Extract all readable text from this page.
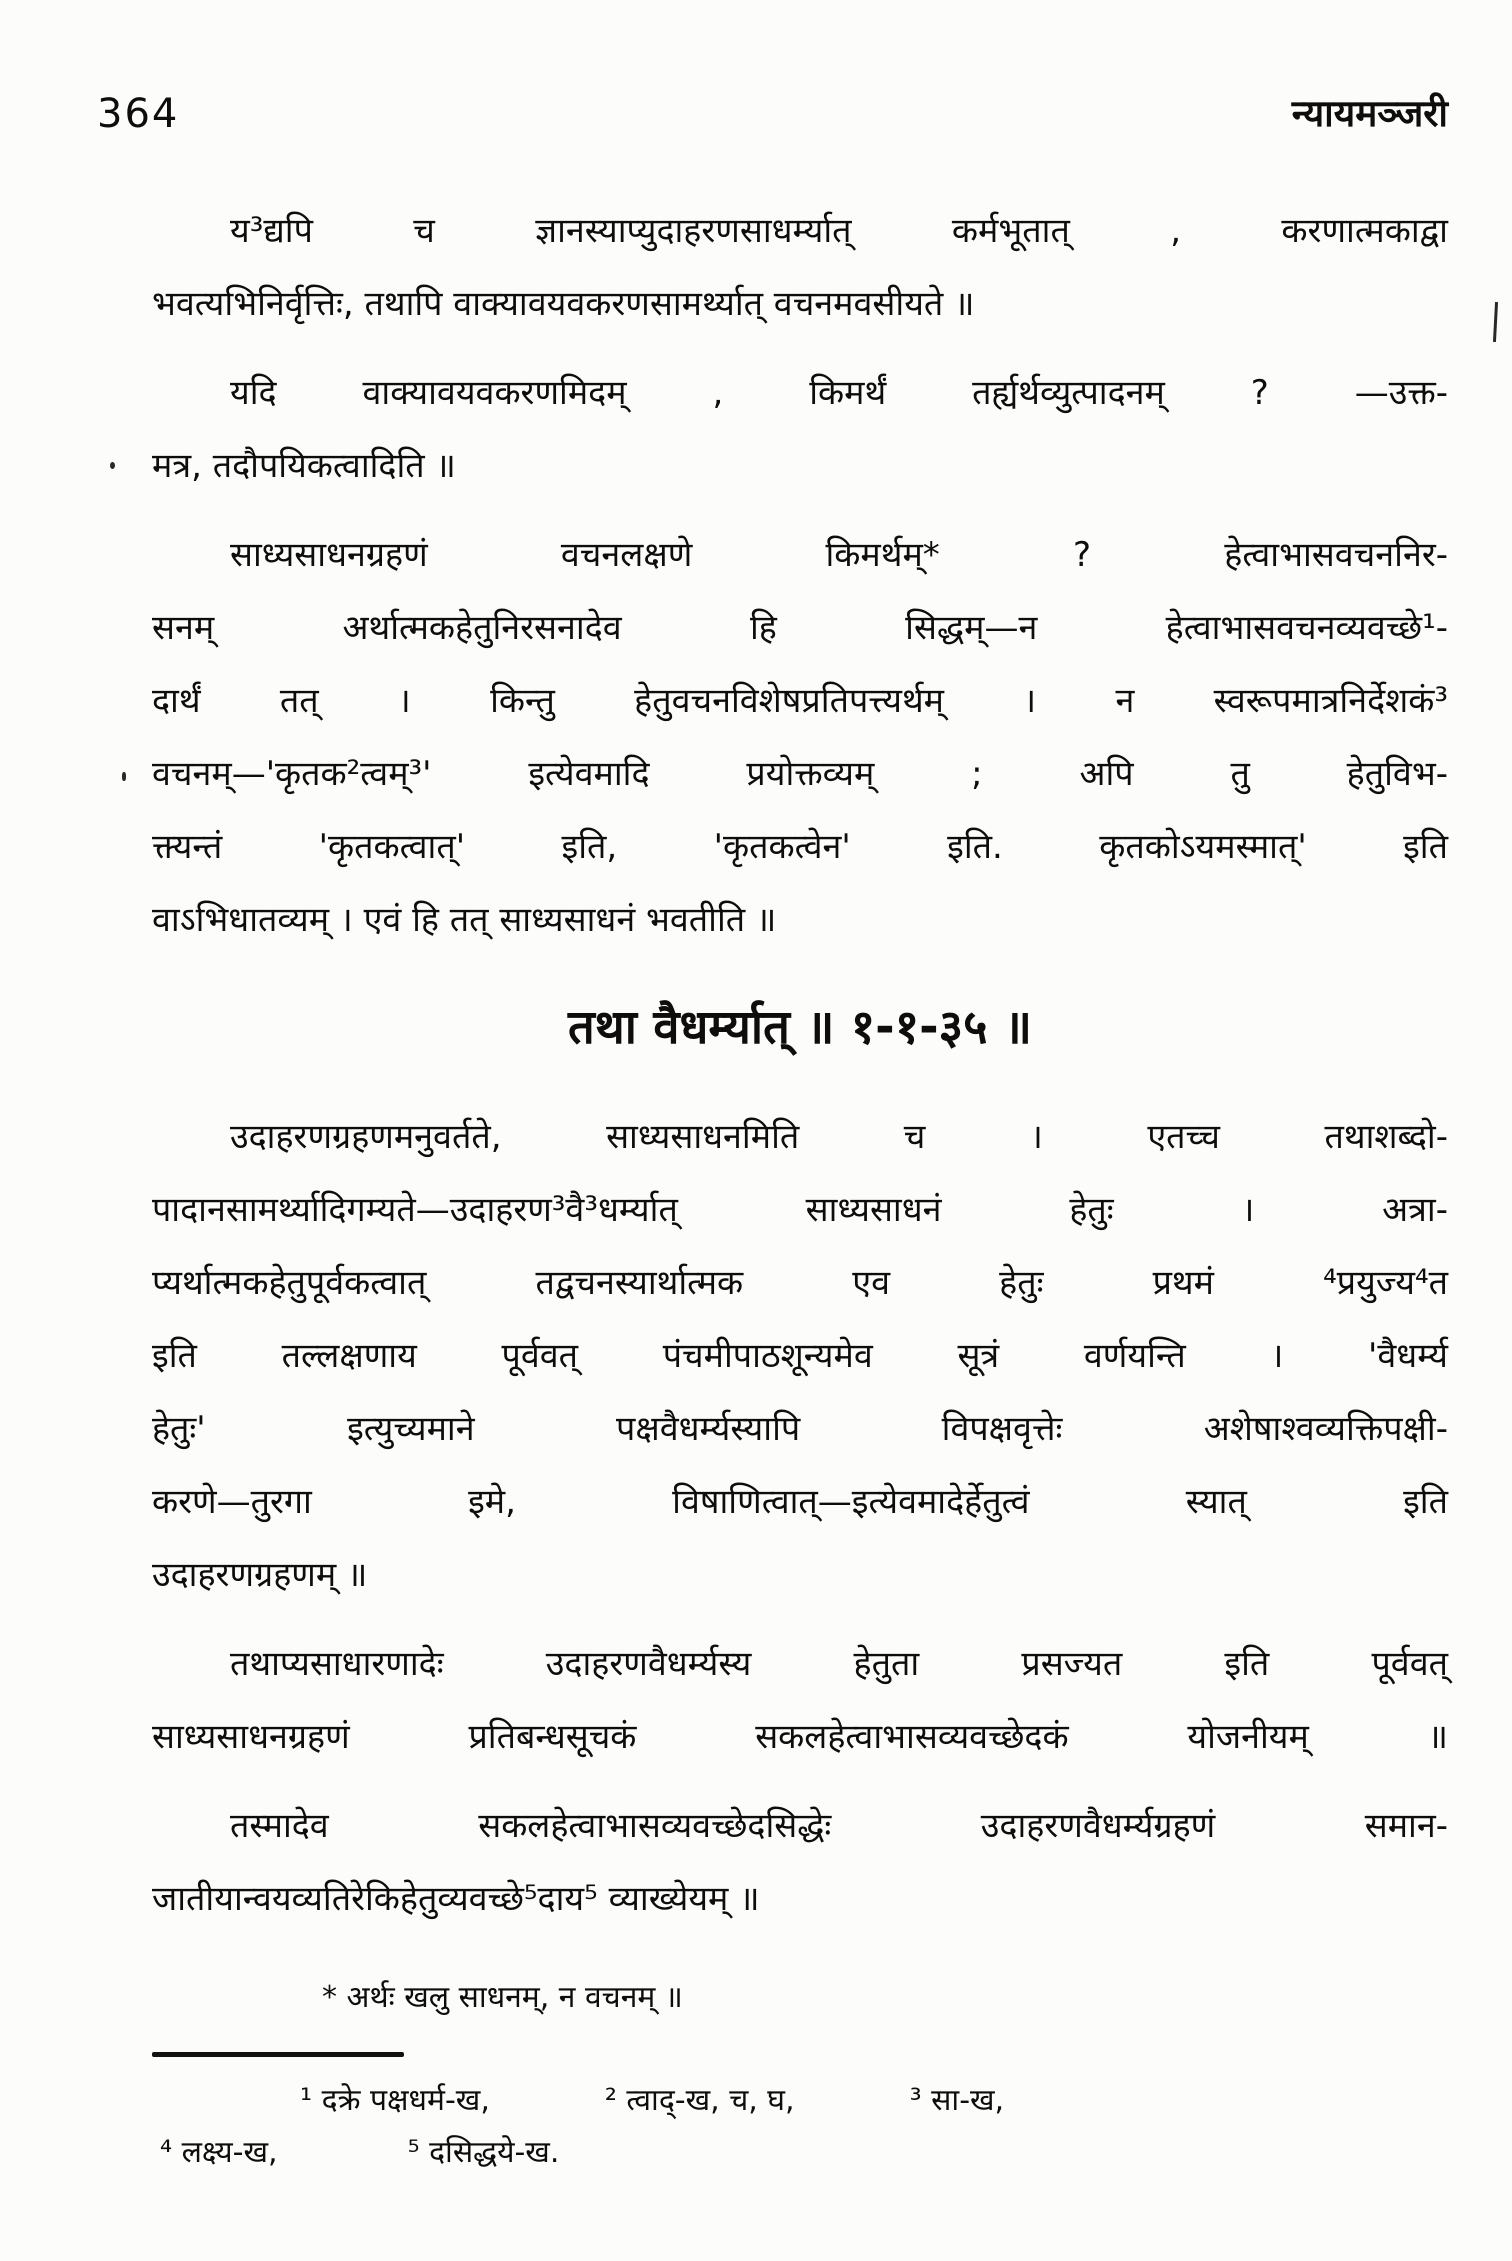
364	न्यायमञ्जरी

य³द्यपि च ज्ञानस्याप्युदाहरणसाधर्म्यात् कर्मभूतात् , करणात्मकाद्वा
भवत्यभिनिर्वृत्तिः, तथापि वाक्यावयवकरणसामर्थ्यात् वचनमवसीयते ॥

यदि वाक्यावयवकरणमिदम् , किमर्थं तर्ह्यर्थव्युत्पादनम् ? —उक्त-
मत्र, तदौपयिकत्वादिति ॥

साध्यसाधनग्रहणं वचनलक्षणे किमर्थम्* ? हेत्वाभासवचननिर-
सनम् अर्थात्मकहेतुनिरसनादेव हि सिद्धम्—न हेत्वाभासवचनव्यवच्छे¹-
दार्थं तत् । किन्तु हेतुवचनविशेषप्रतिपत्त्यर्थम् । न स्वरूपमात्रनिर्देशकं³
वचनम्—'कृतक²त्वम्³' इत्येवमादि प्रयोक्तव्यम् ; अपि तु हेतुविभ-
क्त्यन्तं 'कृतकत्वात्' इति, 'कृतकत्वेन' इति. कृतकोऽयमस्मात्' इति
वाऽभिधातव्यम् । एवं हि तत् साध्यसाधनं भवतीति ॥

तथा वैधर्म्यात् ॥ १-१-३५ ॥

उदाहरणग्रहणमनुवर्तते, साध्यसाधनमिति च । एतच्च तथाशब्दो-
पादानसामर्थ्यादिगम्यते—उदाहरण³वै³धर्म्यात् साध्यसाधनं हेतुः । अत्रा-
प्यर्थात्मकहेतुपूर्वकत्वात् तद्वचनस्यार्थात्मक एव हेतुः प्रथमं ⁴प्रयुज्य⁴त
इति तल्लक्षणाय पूर्ववत् पंचमीपाठशून्यमेव सूत्रं वर्णयन्ति । 'वैधर्म्य
हेतुः' इत्युच्यमाने पक्षवैधर्म्यस्यापि विपक्षवृत्तेः अशेषाश्वव्यक्तिपक्षी-
करणे—तुरगा इमे, विषाणित्वात्—इत्येवमादेर्हेतुत्वं स्यात् इति
उदाहरणग्रहणम् ॥

तथाप्यसाधारणादेः उदाहरणवैधर्म्यस्य हेतुता प्रसज्यत इति पूर्ववत्
साध्यसाधनग्रहणं प्रतिबन्धसूचकं सकलहेत्वाभासव्यवच्छेदकं योजनीयम् ॥

तस्मादेव सकलहेत्वाभासव्यवच्छेदसिद्धेः उदाहरणवैधर्म्यग्रहणं समान-
जातीयान्वयव्यतिरेकिहेतुव्यवच्छे⁵दाय⁵ व्याख्येयम् ॥

* अर्थः खलु साधनम्, न वचनम् ॥
¹ दक्रे पक्षधर्म-ख,	² त्वाद्-ख, च, घ,	³ सा-ख,
⁴ लक्ष्य-ख,	⁵ दसिद्धये-ख.
